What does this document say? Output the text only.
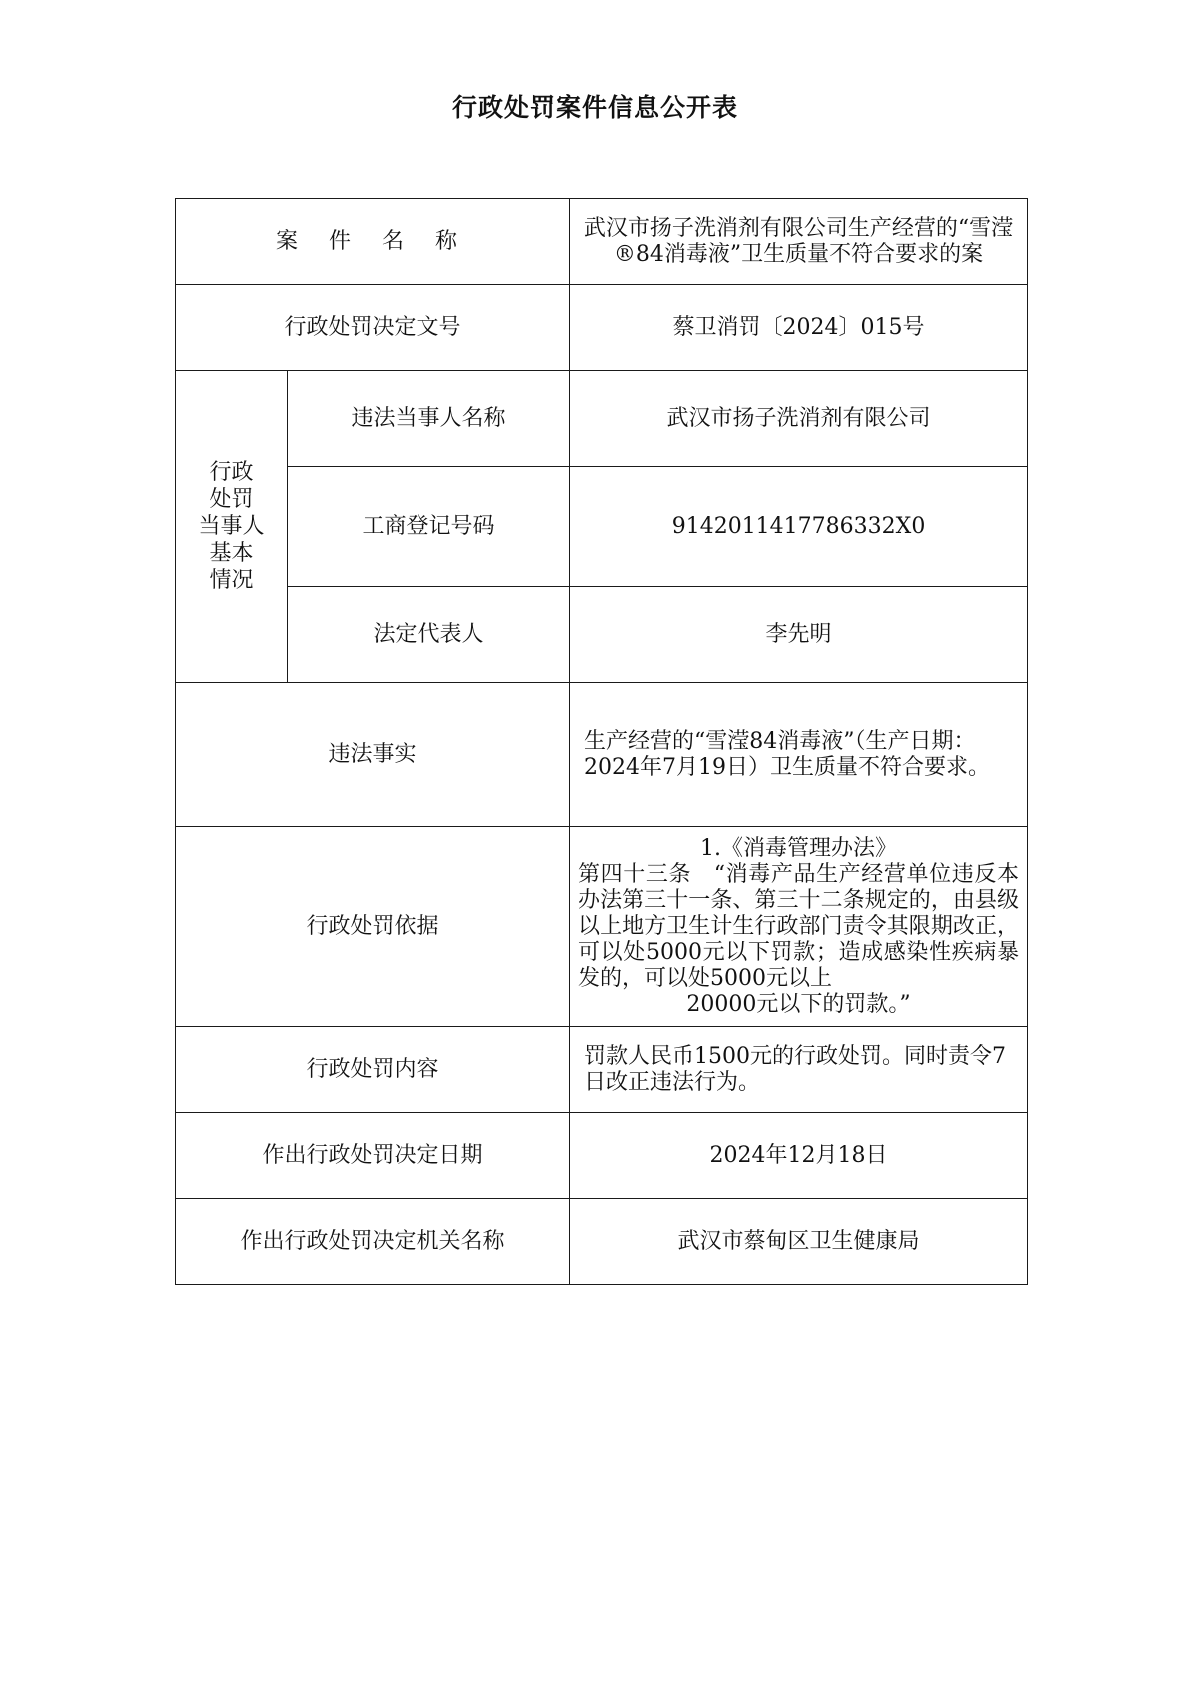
行政处罚案件信息公开表
案 件 名 称		武汉市扬子洗消剂有限公司生产经营的“雪滢®84消毒液”卫生质量不符合要求的案
行政处罚决定文号		蔡卫消罚〔2024〕015号

行政
处罚
当事人
基本
情况	违法当事人名称	武汉市扬子洗消剂有限公司
	工商登记号码	9142011417786332X0
	法定代表人	李先明
违法事实		生产经营的“雪滢84消毒液”（生产日期：2024年7月19日）卫生质量不符合要求。
行政处罚依据		1.《消毒管理办法》
第四十三条　“消毒产品生产经营单位违反本办法第三十一条、第三十二条规定的，由县级以上地方卫生计生行政部门责令其限期改正，可以处5000元以下罚款；造成感染性疾病暴发的，可以处5000元以上
20000元以下的罚款。”

行政处罚内容		罚款人民币1500元的行政处罚。同时责令7日改正违法行为。
作出行政处罚决定日期		2024年12月18日
作出行政处罚决定机关名称		武汉市蔡甸区卫生健康局
